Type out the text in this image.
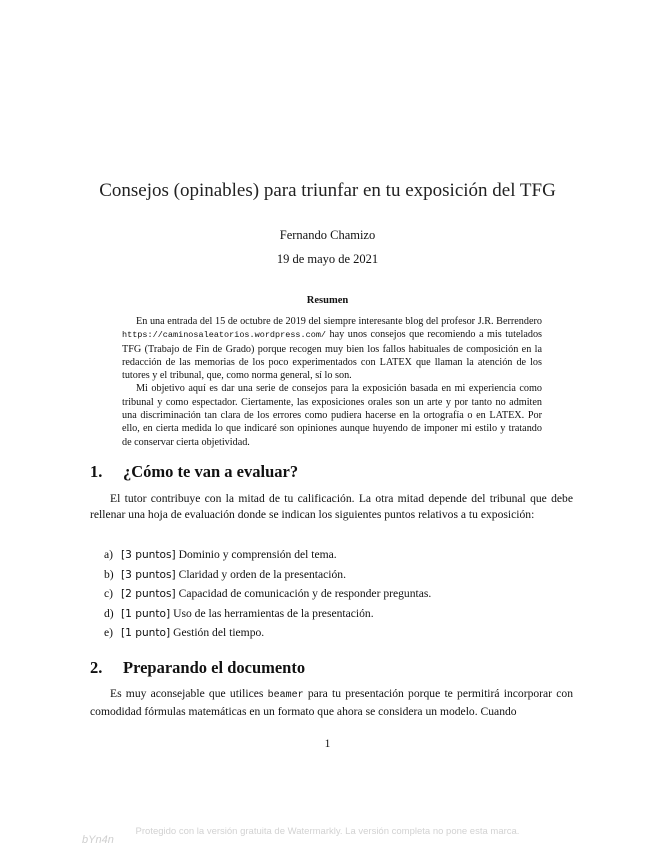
Consejos (opinables) para triunfar en tu exposición del TFG
Fernando Chamizo
19 de mayo de 2021
Resumen

En una entrada del 15 de octubre de 2019 del siempre interesante blog del profesor J.R. Berrendero https://caminosaleatorios.wordpress.com/ hay unos consejos que recomiendo a mis tutelados TFG (Trabajo de Fin de Grado) porque recogen muy bien los fallos habituales de composición en la redacción de las memorias de los poco experimentados con LATEX que llaman la atención de los tutores y el tribunal, que, como norma general, sí lo son.

Mi objetivo aquí es dar una serie de consejos para la exposición basada en mi experiencia como tribunal y como espectador. Ciertamente, las exposiciones orales son un arte y por tanto no admiten una discriminación tan clara de los errores como pudiera hacerse en la ortografía o en LATEX. Por ello, en cierta medida lo que indicaré son opiniones aunque huyendo de imponer mi estilo y tratando de conservar cierta objetividad.

1. ¿Cómo te van a evaluar?

El tutor contribuye con la mitad de tu calificación. La otra mitad depende del tribunal que debe rellenar una hoja de evaluación donde se indican los siguientes puntos relativos a tu exposición:

a) [3 puntos] Dominio y comprensión del tema.
b) [3 puntos] Claridad y orden de la presentación.
c) [2 puntos] Capacidad de comunicación y de responder preguntas.
d) [1 punto] Uso de las herramientas de la presentación.
e) [1 punto] Gestión del tiempo.
2. Preparando el documento

Es muy aconsejable que utilices beamer para tu presentación porque te permitirá incorporar con comodidad fórmulas matemáticas en un formato que ahora se considera un modelo. Cuando

1
Protegido con la versión gratuita de Watermarkly. La versión completa no pone esta marca.
bYn4n
